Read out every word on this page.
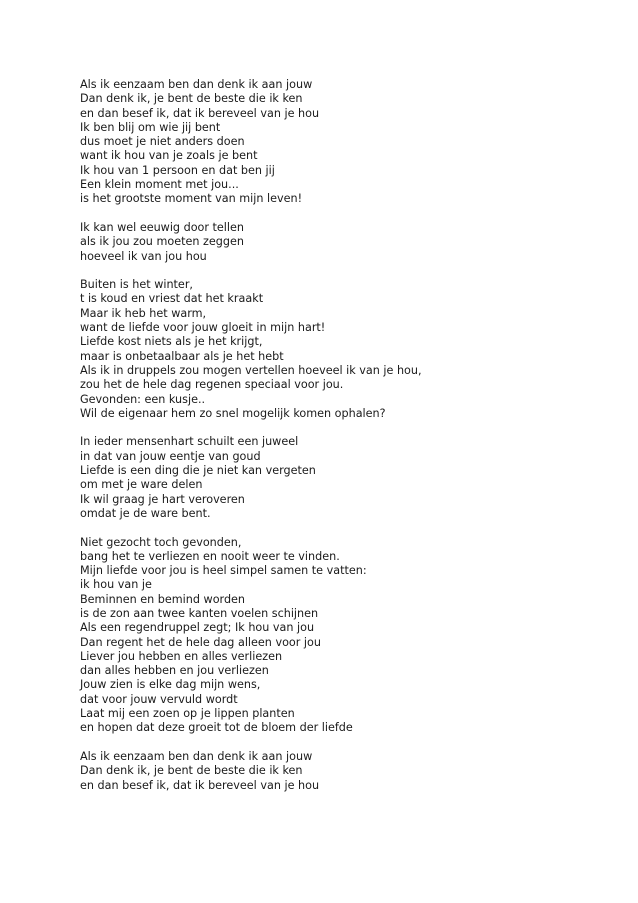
Als ik eenzaam ben dan denk ik aan jouw
Dan denk ik, je bent de beste die ik ken
en dan besef ik, dat ik bereveel van je hou
Ik ben blij om wie jij bent
dus moet je niet anders doen
want ik hou van je zoals je bent
Ik hou van 1 persoon en dat ben jij
Een klein moment met jou...
is het grootste moment van mijn leven!
Ik kan wel eeuwig door tellen
als ik jou zou moeten zeggen
hoeveel ik van jou hou
Buiten is het winter,
t is koud en vriest dat het kraakt
Maar ik heb het warm,
want de liefde voor jouw gloeit in mijn hart!
Liefde kost niets als je het krijgt,
maar is onbetaalbaar als je het hebt
Als ik in druppels zou mogen vertellen hoeveel ik van je hou,
zou het de hele dag regenen speciaal voor jou.
Gevonden: een kusje..
Wil de eigenaar hem zo snel mogelijk komen ophalen?
In ieder mensenhart schuilt een juweel
in dat van jouw eentje van goud
Liefde is een ding die je niet kan vergeten
om met je ware delen
Ik wil graag je hart veroveren
omdat je de ware bent.
Niet gezocht toch gevonden,
bang het te verliezen en nooit weer te vinden.
Mijn liefde voor jou is heel simpel samen te vatten:
ik hou van je
Beminnen en bemind worden
is de zon aan twee kanten voelen schijnen
Als een regendruppel zegt; Ik hou van jou
Dan regent het de hele dag alleen voor jou
Liever jou hebben en alles verliezen
dan alles hebben en jou verliezen
Jouw zien is elke dag mijn wens,
dat voor jouw vervuld wordt
Laat mij een zoen op je lippen planten
en hopen dat deze groeit tot de bloem der liefde
Als ik eenzaam ben dan denk ik aan jouw
Dan denk ik, je bent de beste die ik ken
en dan besef ik, dat ik bereveel van je hou
